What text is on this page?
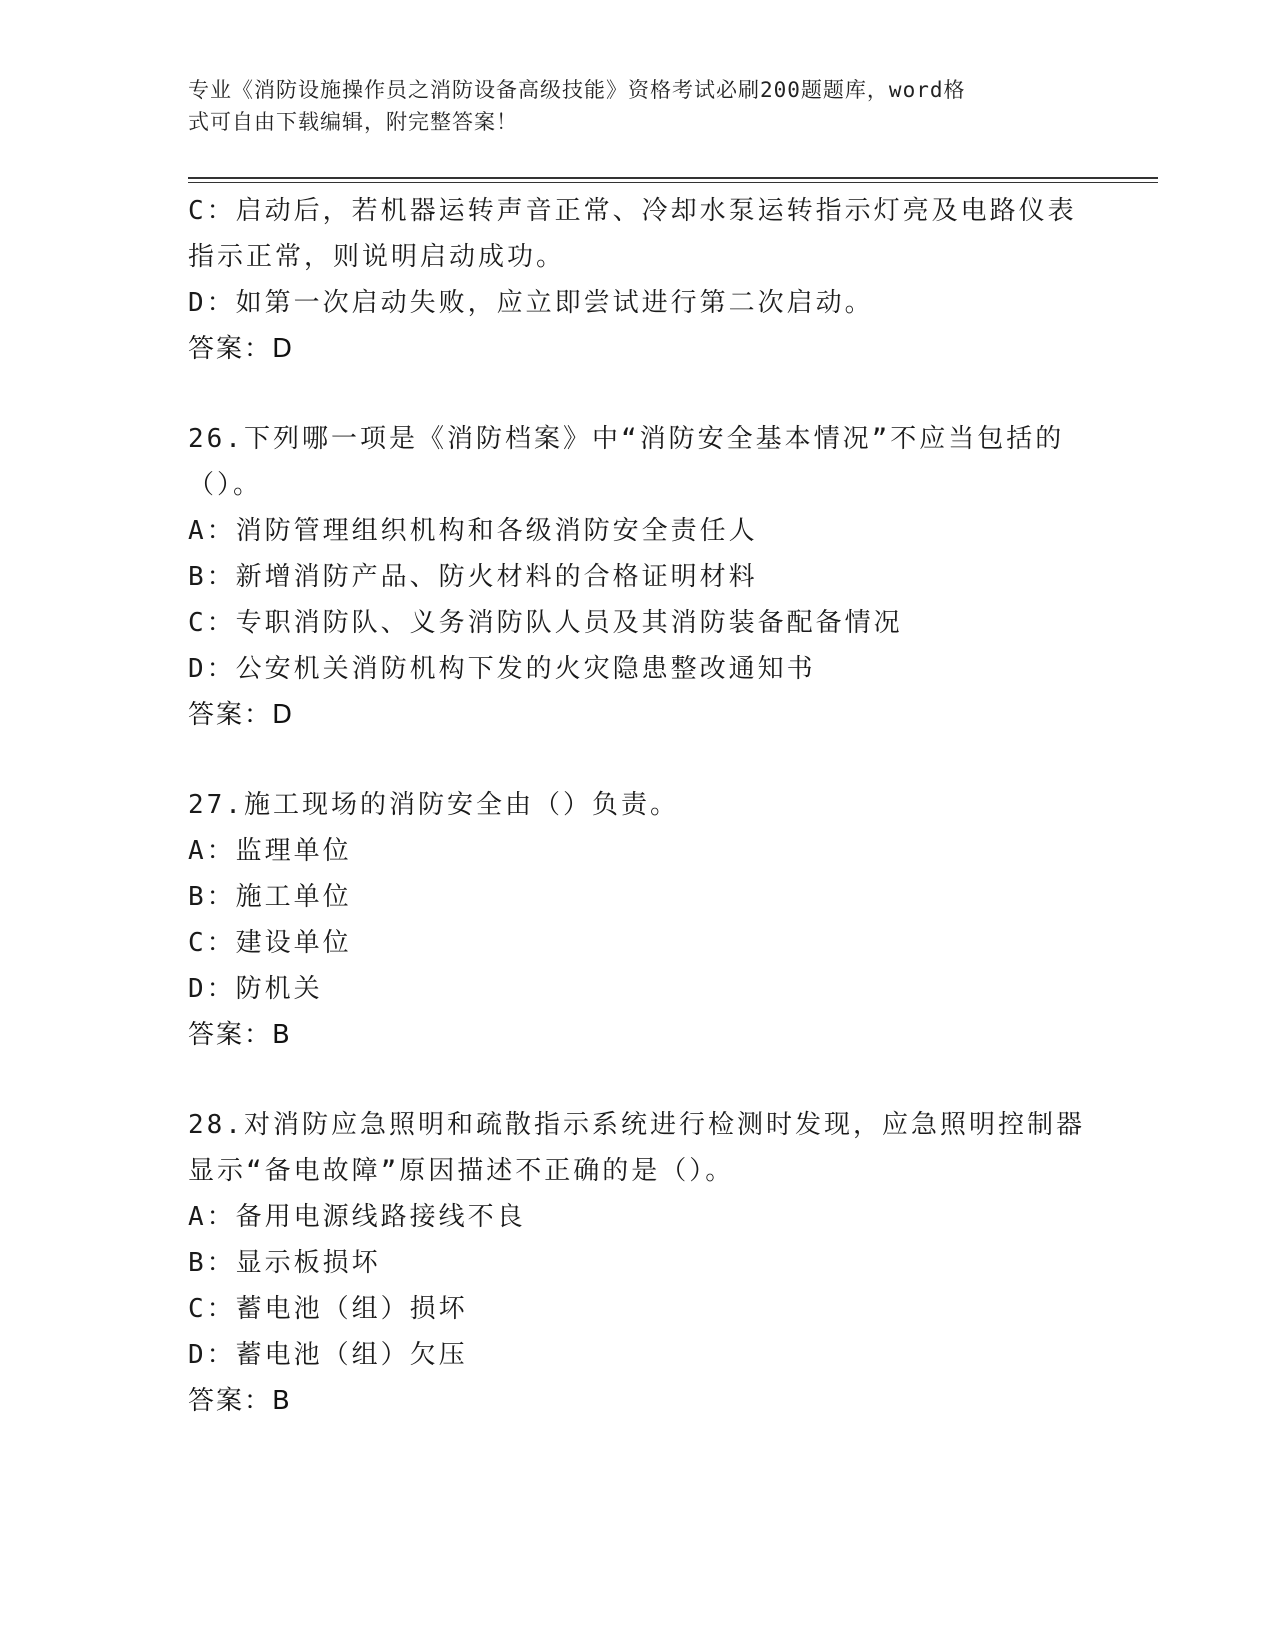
专业《消防设施操作员之消防设备高级技能》资格考试必刷200题题库，word格
式可自由下载编辑，附完整答案！
C：启动后，若机器运转声音正常、冷却水泵运转指示灯亮及电路仪表
指示正常，则说明启动成功。
D：如第一次启动失败，应立即尝试进行第二次启动。
答案：D
26.下列哪一项是《消防档案》中“消防安全基本情况”不应当包括的
（）。
A：消防管理组织机构和各级消防安全责任人
B：新增消防产品、防火材料的合格证明材料
C：专职消防队、义务消防队人员及其消防装备配备情况
D：公安机关消防机构下发的火灾隐患整改通知书
答案：D
27.施工现场的消防安全由（）负责。
A：监理单位
B：施工单位
C：建设单位
D：防机关
答案：B
28.对消防应急照明和疏散指示系统进行检测时发现，应急照明控制器
显示“备电故障”原因描述不正确的是（）。
A：备用电源线路接线不良
B：显示板损坏
C：蓄电池（组）损坏
D：蓄电池（组）欠压
答案：B
